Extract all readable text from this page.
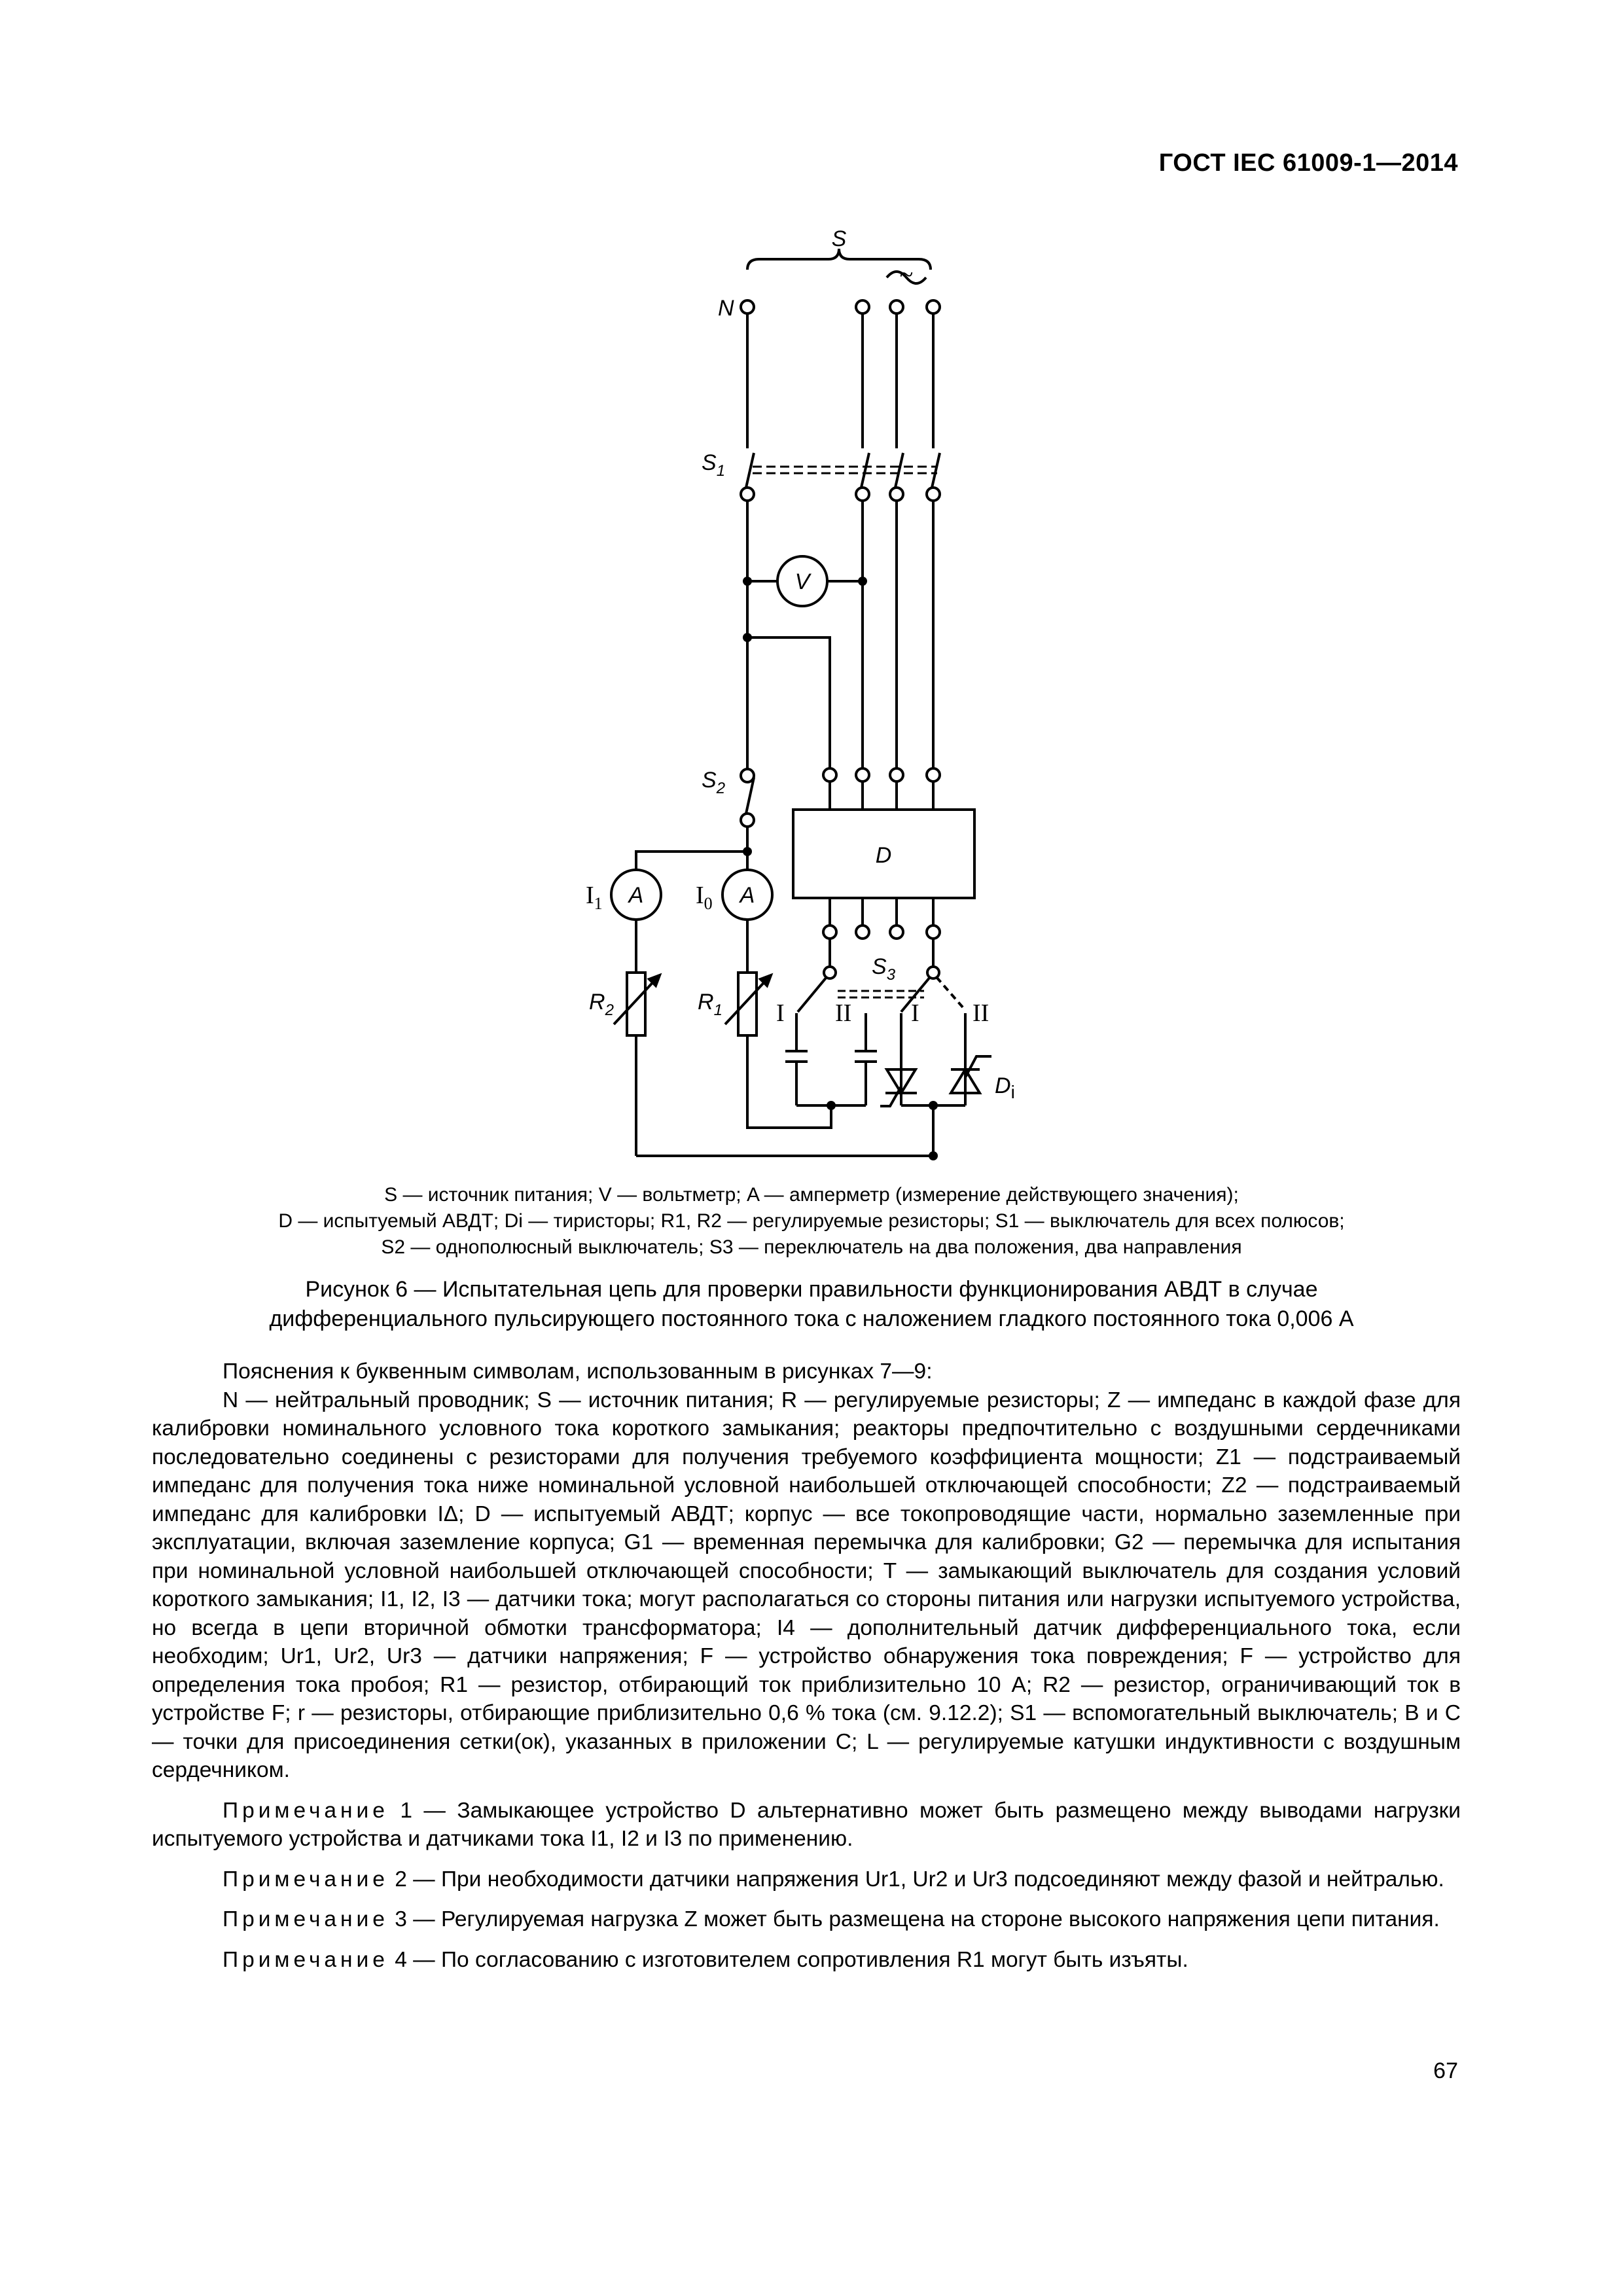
ГОСТ IEC 61009-1—2014
S
N
$S_1$
V
$S_2$
D
A	A
$I_1$	$I_0$
$R_2$	$R_1$
$S_3$
I II I II
$D_i$
~
S — источник питания; V — вольтметр; A — амперметр (измерение действующего значения);
D — испытуемый АВДТ; Di — тиристоры; R1, R2 — регулируемые резисторы; S1 — выключатель для всех полюсов;
S2 — однополюсный выключатель; S3 — переключатель на два положения, два направления
Рисунок 6 — Испытательная цепь для проверки правильности функционирования АВДТ в случае
дифференциального пульсирующего постоянного тока с наложением гладкого постоянного тока 0,006 А

Пояснения к буквенным символам, использованным в рисунках 7—9:

N — нейтральный проводник; S — источник питания; R — регулируемые резисторы; Z — импеданс в каждой фазе для калибровки номинального условного тока короткого замыкания; реакторы предпочтительно с воздушными сердечниками последовательно соединены с резисторами для получения требуемого коэффициента мощности; Z1 — подстраиваемый импеданс для получения тока ниже номинальной условной наибольшей отключающей способности; Z2 — подстраиваемый импеданс для калибровки IΔ; D — испытуемый АВДТ; корпус — все токопроводящие части, нормально заземленные при эксплуатации, включая заземление корпуса; G1 — временная перемычка для калибровки; G2 — перемычка для испытания при номинальной условной наибольшей отключающей способности; T — замыкающий выключатель для создания условий короткого замыкания; I1, I2, I3 — датчики тока; могут располагаться со стороны питания или нагрузки испытуемого устройства, но всегда в цепи вторичной обмотки трансформатора; I4 — дополнительный датчик дифференциального тока, если необходим; Ur1, Ur2, Ur3 — датчики напряжения; F — устройство обнаружения тока повреждения; F — устройство для определения тока пробоя; R1 — резистор, отбирающий ток приблизительно 10 А; R2 — резистор, ограничивающий ток в устройстве F; r — резисторы, отбирающие приблизительно 0,6 % тока (см. 9.12.2); S1 — вспомогательный выключатель; B и C — точки для присоединения сетки(ок), указанных в приложении С; L — регулируемые катушки индуктивности с воздушным сердечником.

Примечание 1 — Замыкающее устройство D альтернативно может быть размещено между выводами нагрузки испытуемого устройства и датчиками тока I1, I2 и I3 по применению.

Примечание 2 — При необходимости датчики напряжения Ur1, Ur2 и Ur3 подсоединяют между фазой и нейтралью.

Примечание 3 — Регулируемая нагрузка Z может быть размещена на стороне высокого напряжения цепи питания.

Примечание 4 — По согласованию с изготовителем сопротивления R1 могут быть изъяты.

67
